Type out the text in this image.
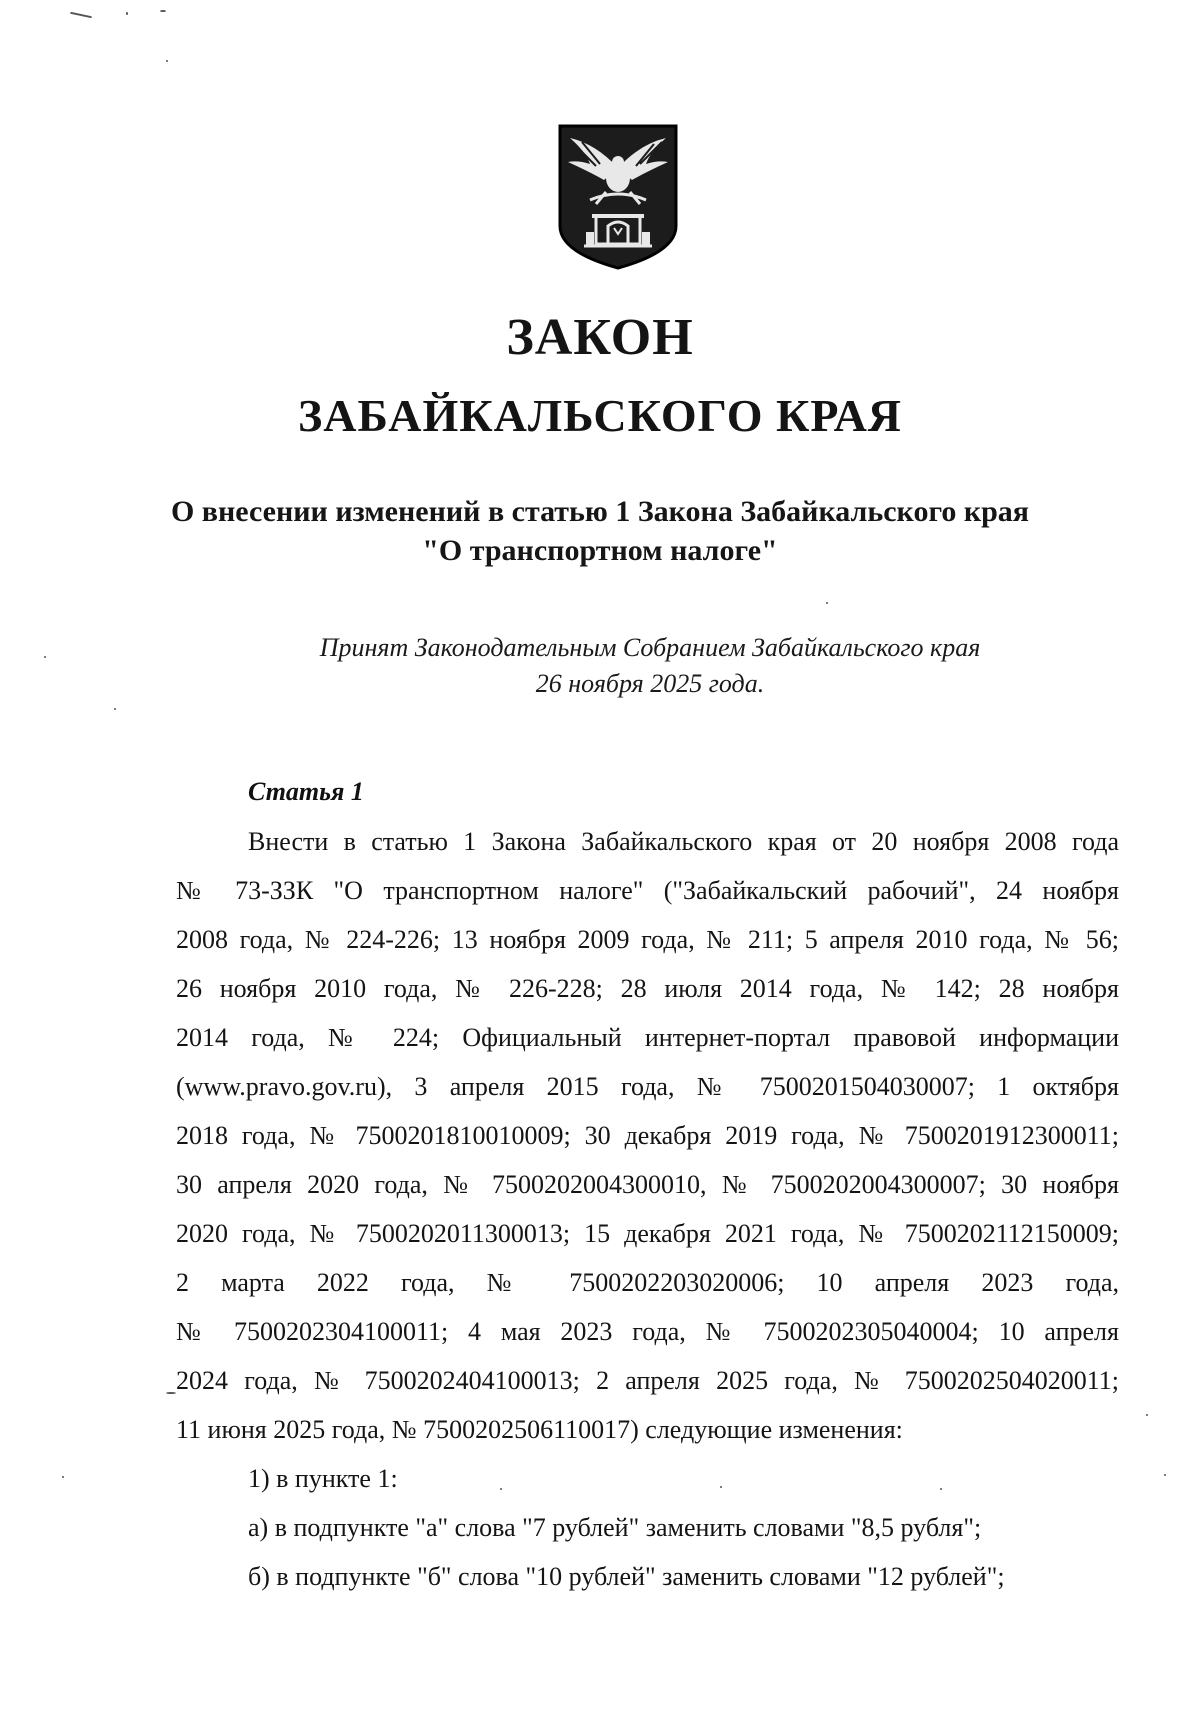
ЗАКОН
ЗАБАЙКАЛЬСКОГО КРАЯ
О внесении изменений в статью 1 Закона Забайкальского края
"О транспортном налоге"
Принят Законодательным Собранием Забайкальского края
26 ноября 2025 года.
Статья 1
Внести в статью 1 Закона Забайкальского края от 20 ноября 2008 года
№ 73-ЗЗК "О транспортном налоге" ("Забайкальский рабочий", 24 ноября
2008 года, № 224-226; 13 ноября 2009 года, № 211; 5 апреля 2010 года, № 56;
26 ноября 2010 года, № 226-228; 28 июля 2014 года, № 142; 28 ноября
2014 года, № 224; Официальный интернет-портал правовой информации
(www.pravo.gov.ru), 3 апреля 2015 года, № 7500201504030007; 1 октября
2018 года, № 7500201810010009; 30 декабря 2019 года, № 7500201912300011;
30 апреля 2020 года, № 7500202004300010, № 7500202004300007; 30 ноября
2020 года, № 7500202011300013; 15 декабря 2021 года, № 7500202112150009;
2 марта 2022 года, № 7500202203020006; 10 апреля 2023 года,
№ 7500202304100011; 4 мая 2023 года, № 7500202305040004; 10 апреля
2024 года, № 7500202404100013; 2 апреля 2025 года, № 7500202504020011;
11 июня 2025 года, № 7500202506110017) следующие изменения:
1) в пункте 1:
а) в подпункте "а" слова "7 рублей" заменить словами "8,5 рубля";
б) в подпункте "б" слова "10 рублей" заменить словами "12 рублей";
